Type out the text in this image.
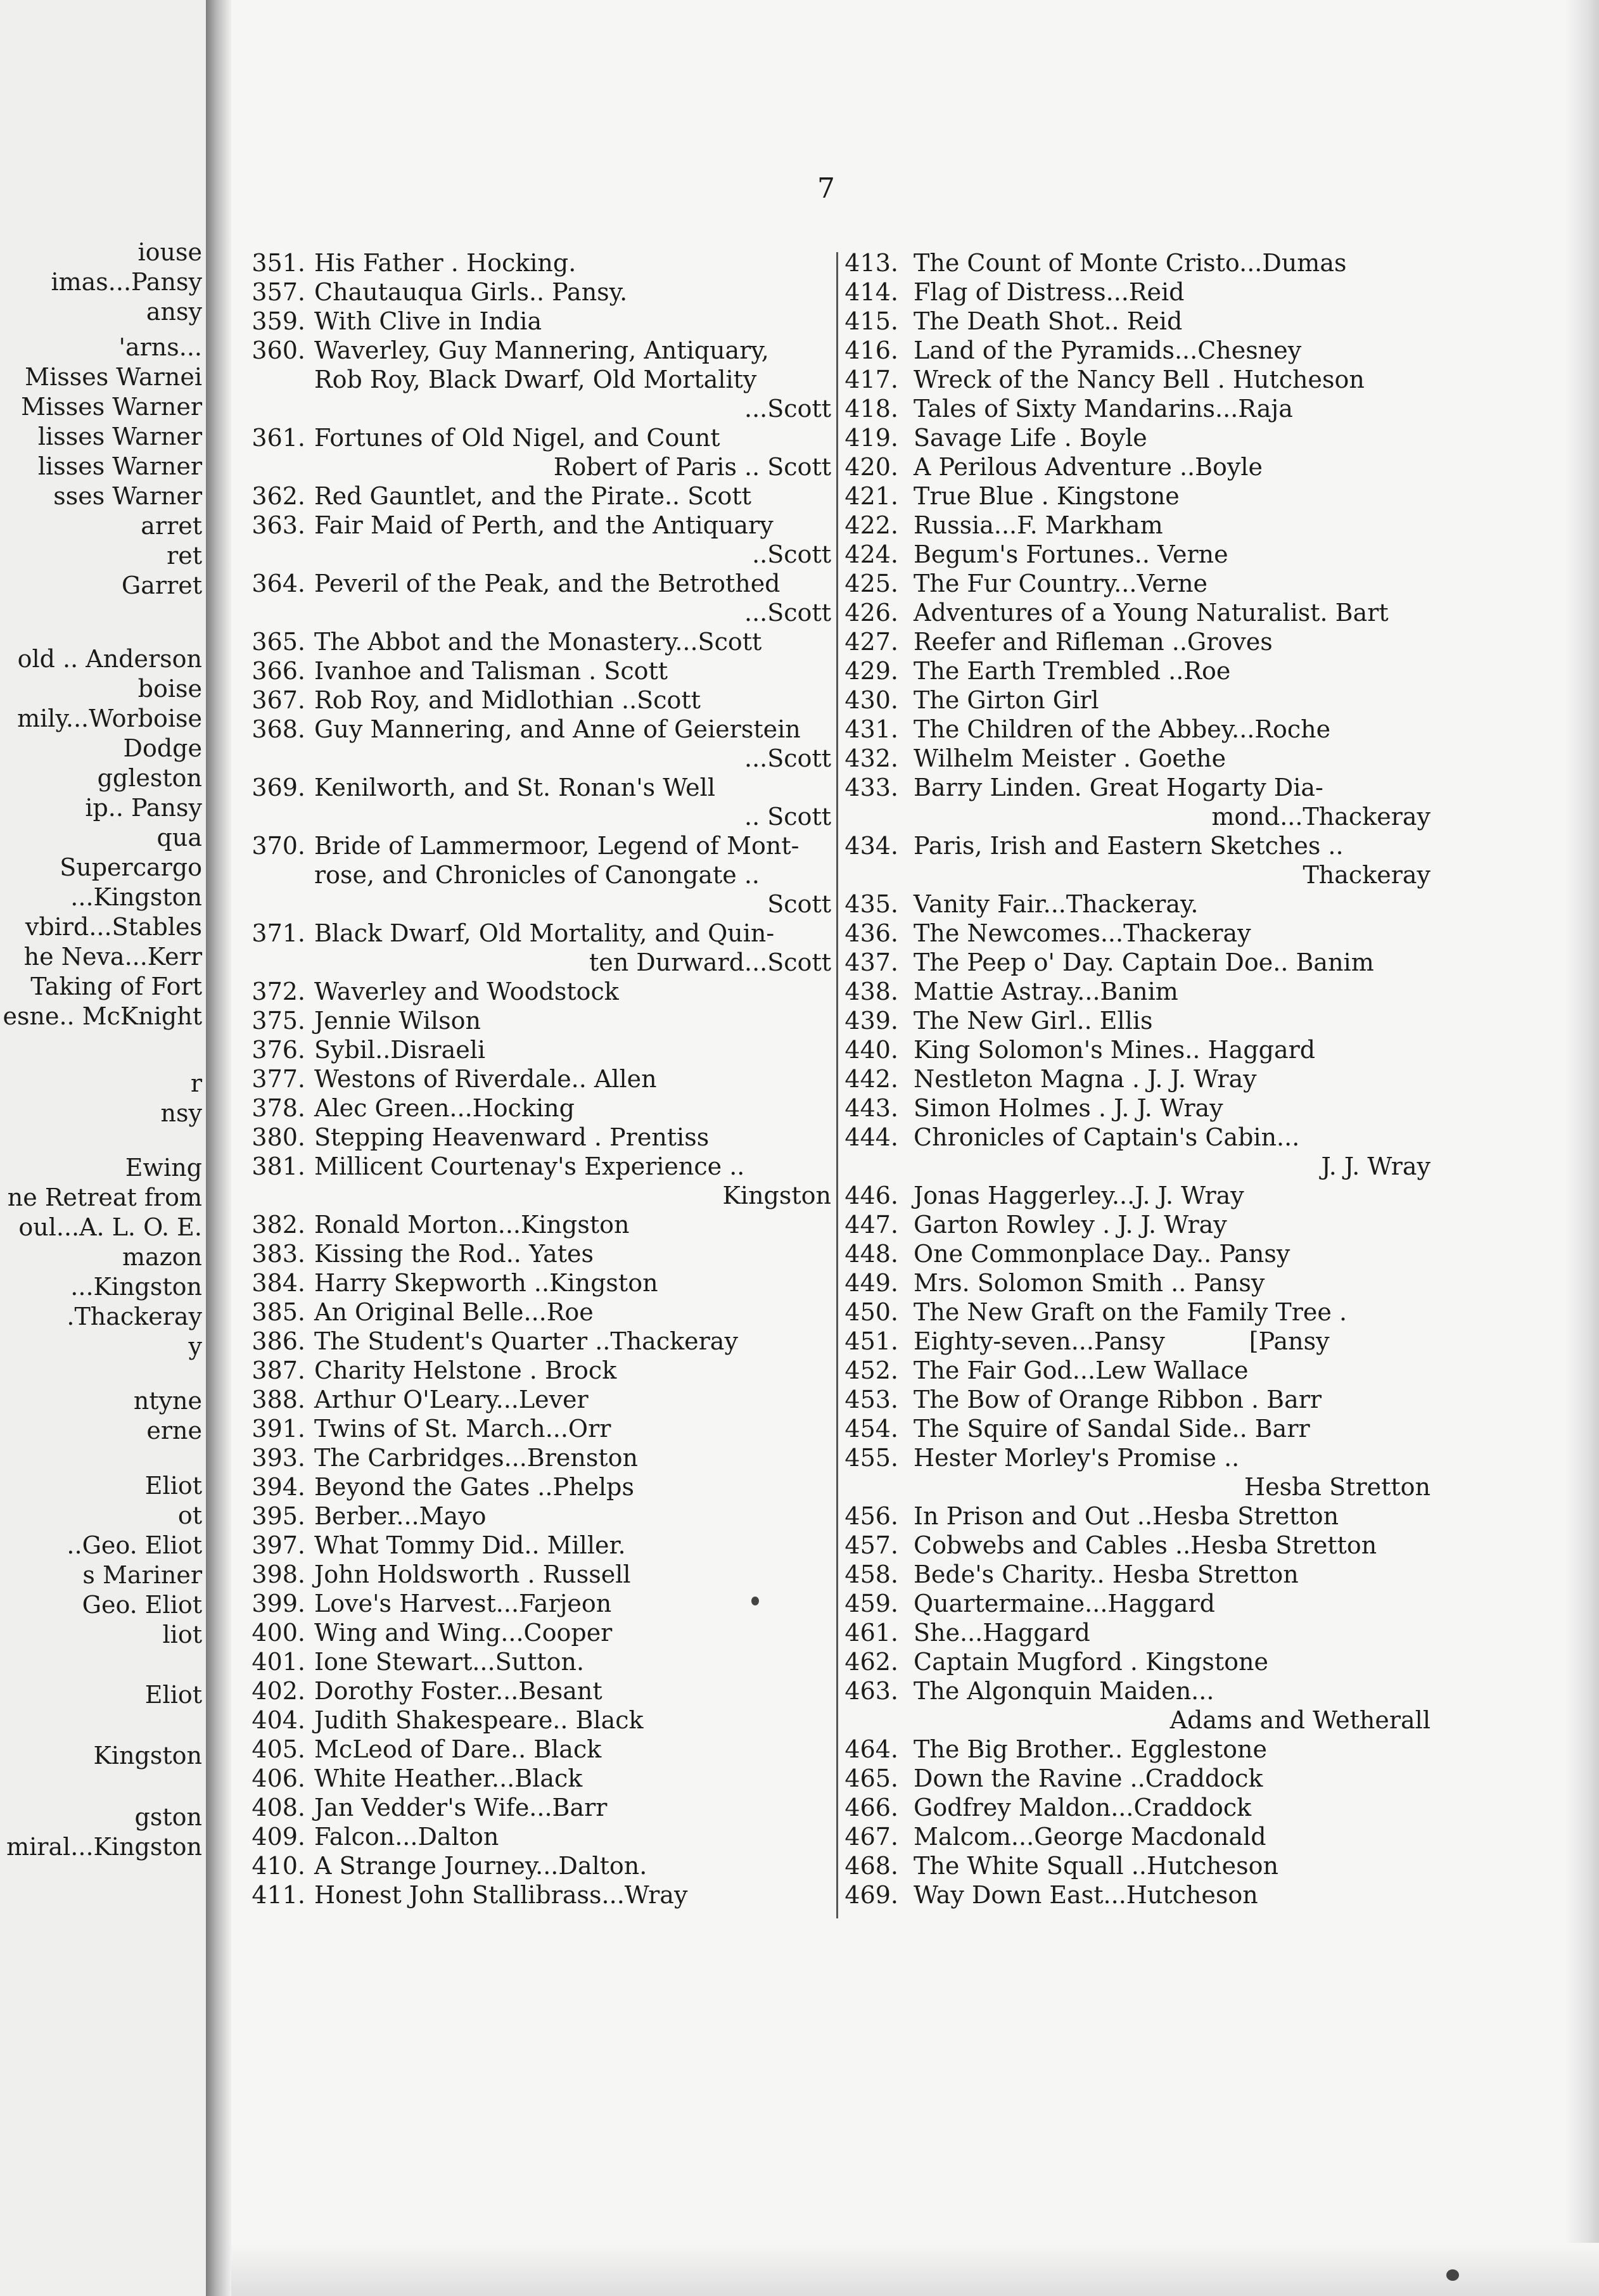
iouse
imas...Pansy
ansy
'arns...
Misses Warnei
Misses Warner
lisses Warner
lisses Warner
sses Warner
arret
ret
Garret
old .. Anderson
boise
mily...Worboise
Dodge
ggleston
ip.. Pansy
qua
Supercargo
...Kingston
vbird...Stables
he Neva...Kerr
Taking of Fort
esne.. McKnight
r
nsy
Ewing
ne Retreat from
oul...A. L. O. E.
mazon
...Kingston
.Thackeray
y
ntyne
erne
Eliot
ot
..Geo. Eliot
s Mariner
Geo. Eliot
liot
Eliot
Kingston
gston
miral...Kingston
7
351. His Father . Hocking.
357. Chautauqua Girls.. Pansy.
359. With Clive in India
360. Waverley, Guy Mannering, Antiquary,
Rob Roy, Black Dwarf, Old Mortality
...Scott
361. Fortunes of Old Nigel, and Count
Robert of Paris .. Scott
362. Red Gauntlet, and the Pirate.. Scott
363. Fair Maid of Perth, and the Antiquary
..Scott
364. Peveril of the Peak, and the Betrothed
...Scott
365. The Abbot and the Monastery...Scott
366. Ivanhoe and Talisman . Scott
367. Rob Roy, and Midlothian ..Scott
368. Guy Mannering, and Anne of Geierstein
...Scott
369. Kenilworth, and St. Ronan's Well
.. Scott
370. Bride of Lammermoor, Legend of Mont-
rose, and Chronicles of Canongate ..
Scott
371. Black Dwarf, Old Mortality, and Quin-
ten Durward...Scott
372. Waverley and Woodstock
375. Jennie Wilson
376. Sybil..Disraeli
377. Westons of Riverdale.. Allen
378. Alec Green...Hocking
380. Stepping Heavenward . Prentiss
381. Millicent Courtenay's Experience ..
Kingston
382. Ronald Morton...Kingston
383. Kissing the Rod.. Yates
384. Harry Skepworth ..Kingston
385. An Original Belle...Roe
386. The Student's Quarter ..Thackeray
387. Charity Helstone . Brock
388. Arthur O'Leary...Lever
391. Twins of St. March...Orr
393. The Carbridges...Brenston
394. Beyond the Gates ..Phelps
395. Berber...Mayo
397. What Tommy Did.. Miller.
398. John Holdsworth . Russell
399. Love's Harvest...Farjeon
400. Wing and Wing...Cooper
401. Ione Stewart...Sutton.
402. Dorothy Foster...Besant
404. Judith Shakespeare.. Black
405. McLeod of Dare.. Black
406. White Heather...Black
408. Jan Vedder's Wife...Barr
409. Falcon...Dalton
410. A Strange Journey...Dalton.
411. Honest John Stallibrass...Wray
413. The Count of Monte Cristo...Dumas
414. Flag of Distress...Reid
415. The Death Shot.. Reid
416. Land of the Pyramids...Chesney
417. Wreck of the Nancy Bell . Hutcheson
418. Tales of Sixty Mandarins...Raja
419. Savage Life . Boyle
420. A Perilous Adventure ..Boyle
421. True Blue . Kingstone
422. Russia...F. Markham
424. Begum's Fortunes.. Verne
425. The Fur Country...Verne
426. Adventures of a Young Naturalist. Bart
427. Reefer and Rifleman ..Groves
429. The Earth Trembled ..Roe
430. The Girton Girl
431. The Children of the Abbey...Roche
432. Wilhelm Meister . Goethe
433. Barry Linden. Great Hogarty Dia-
mond...Thackeray
434. Paris, Irish and Eastern Sketches ..
Thackeray
435. Vanity Fair...Thackeray.
436. The Newcomes...Thackeray
437. The Peep o' Day. Captain Doe.. Banim
438. Mattie Astray...Banim
439. The New Girl.. Ellis
440. King Solomon's Mines.. Haggard
442. Nestleton Magna . J. J. Wray
443. Simon Holmes . J. J. Wray
444. Chronicles of Captain's Cabin...
J. J. Wray
446. Jonas Haggerley...J. J. Wray
447. Garton Rowley . J. J. Wray
448. One Commonplace Day.. Pansy
449. Mrs. Solomon Smith .. Pansy
450. The New Graft on the Family Tree .
451. Eighty-seven...Pansy           [Pansy
452. The Fair God...Lew Wallace
453. The Bow of Orange Ribbon . Barr
454. The Squire of Sandal Side.. Barr
455. Hester Morley's Promise ..
Hesba Stretton
456. In Prison and Out ..Hesba Stretton
457. Cobwebs and Cables ..Hesba Stretton
458. Bede's Charity.. Hesba Stretton
459. Quartermaine...Haggard
461. She...Haggard
462. Captain Mugford . Kingstone
463. The Algonquin Maiden...
Adams and Wetherall
464. The Big Brother.. Egglestone
465. Down the Ravine ..Craddock
466. Godfrey Maldon...Craddock
467. Malcom...George Macdonald
468. The White Squall ..Hutcheson
469. Way Down East...Hutcheson
